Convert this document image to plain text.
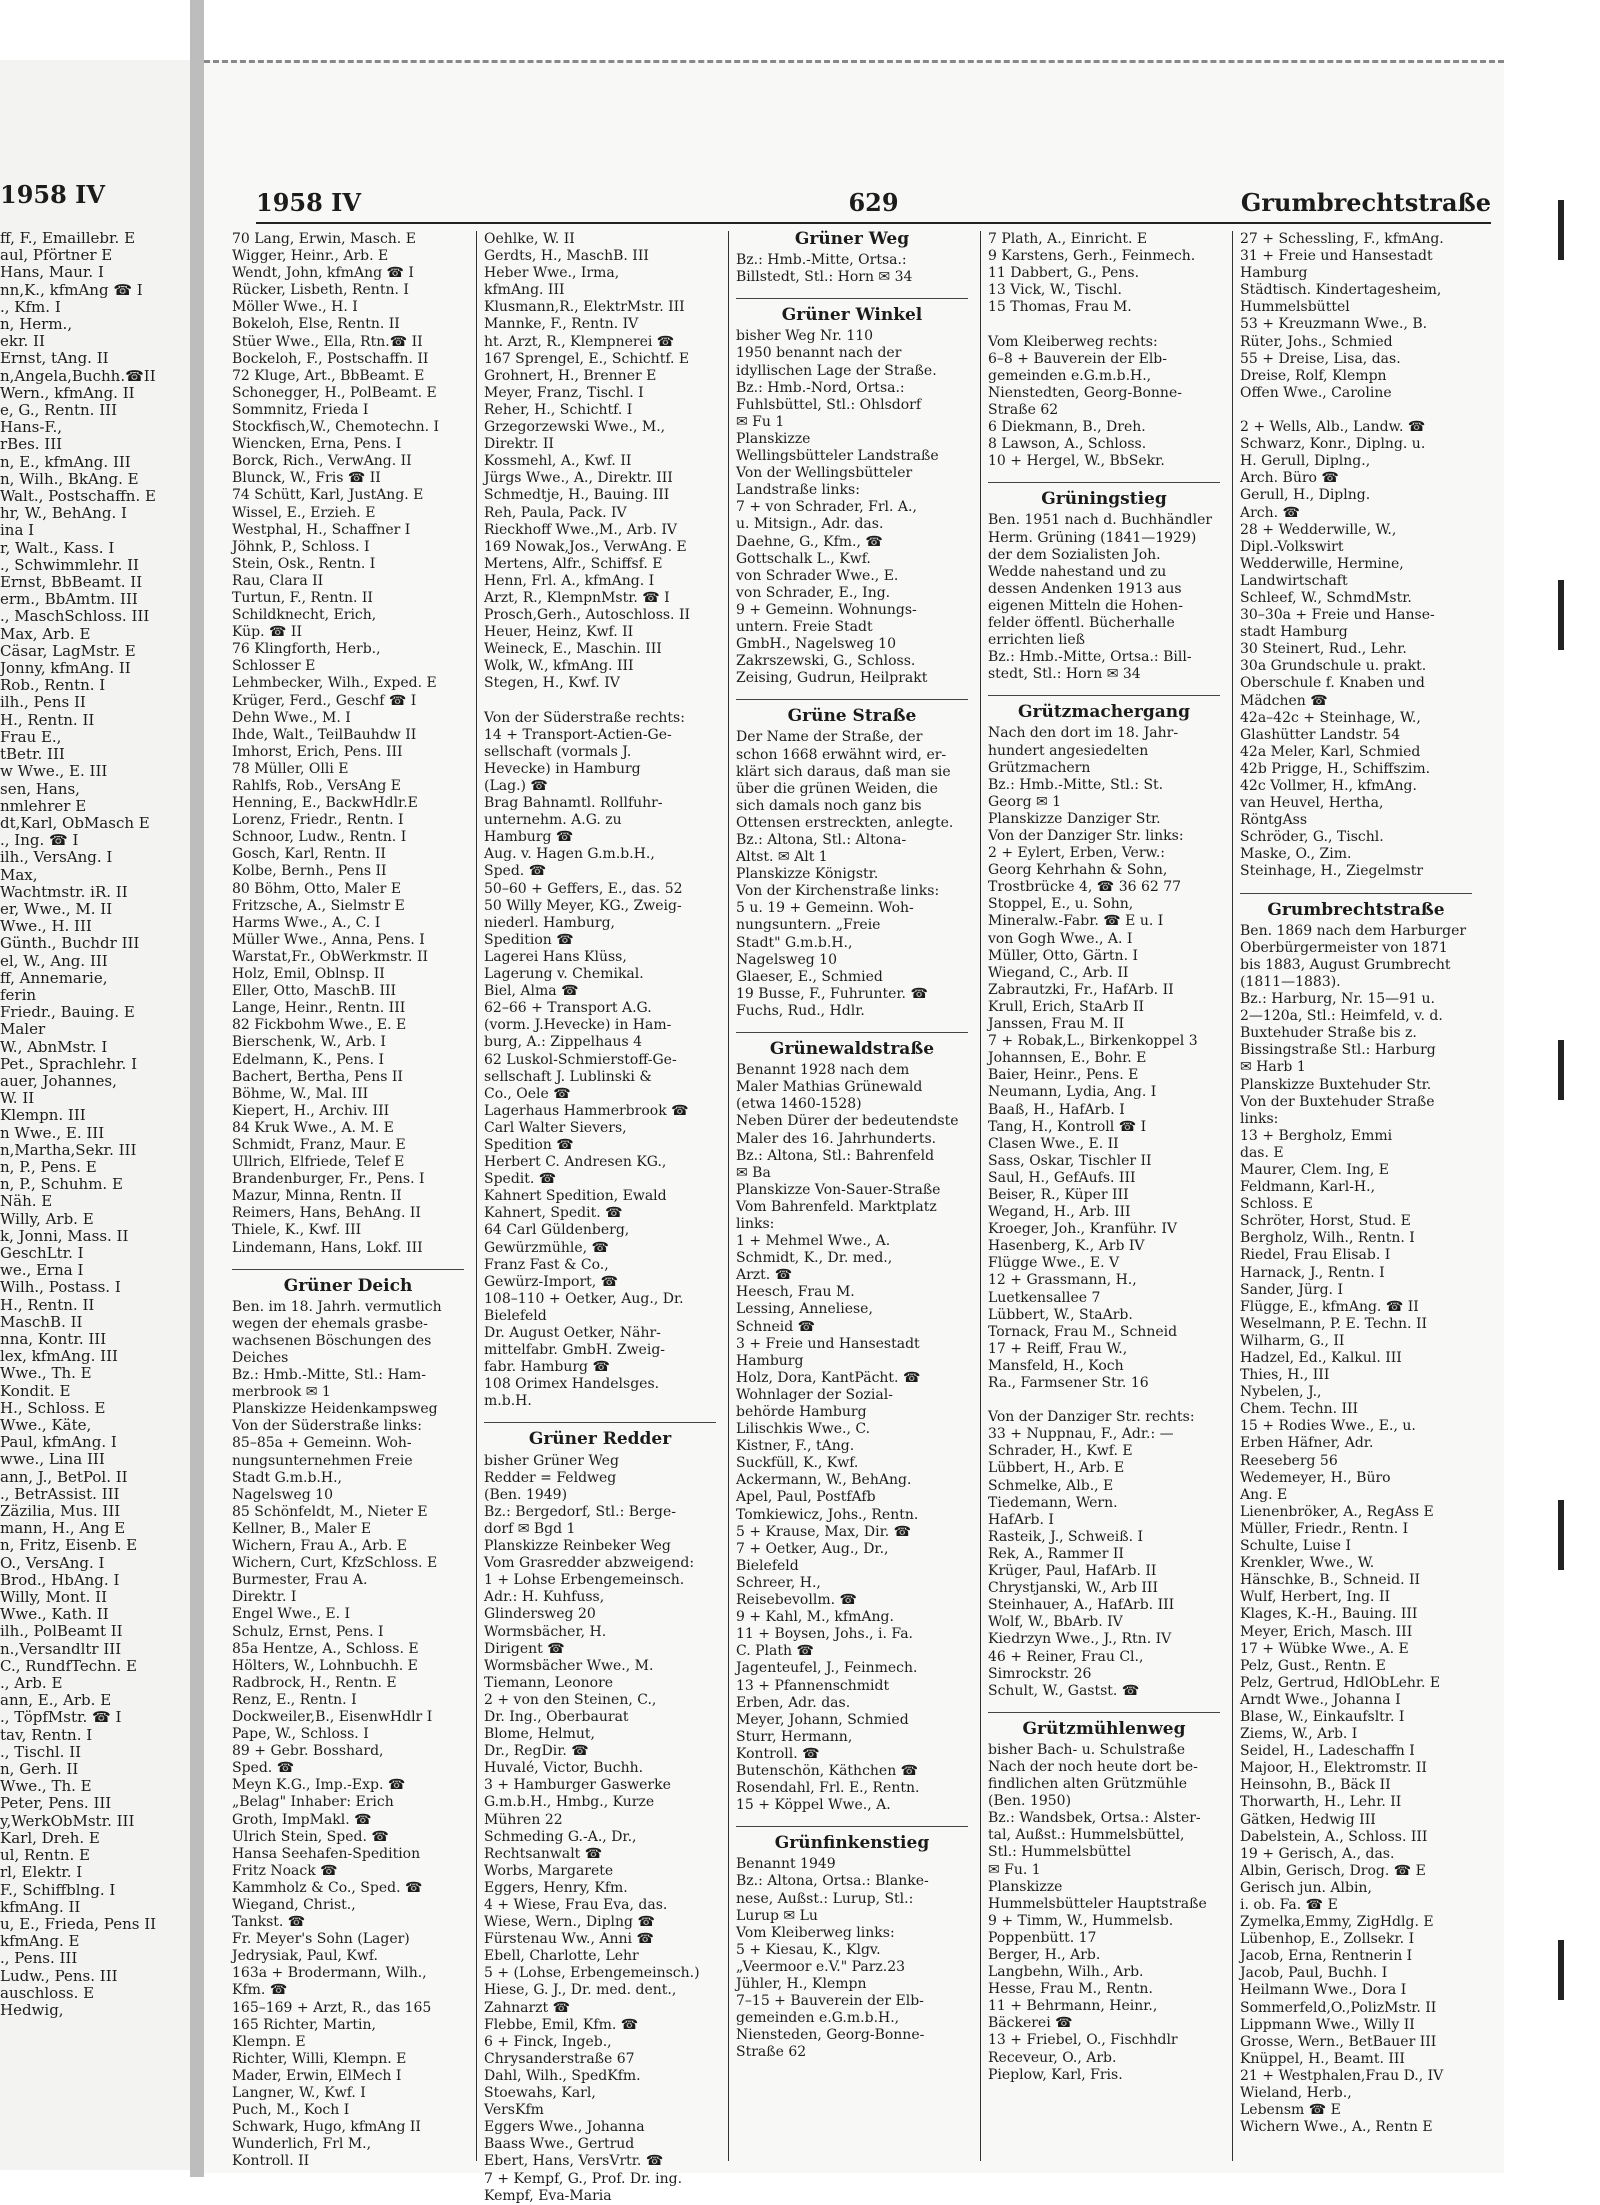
1958 IV
ff, F., Emaillebr. E
aul, Pförtner E
Hans, Maur. I
nn,K., kfmAng ☎ I
., Kfm. I
n, Herm.,
ekr. II
Ernst, tAng. II
n,Angela,Buchh.☎II
Wern., kfmAng. II
e, G., Rentn. III
Hans-F.,
rBes. III
n, E., kfmAng. III
n, Wilh., BkAng. E
Walt., Postschaffn. E
hr, W., BehAng. I
ina I
r, Walt., Kass. I
., Schwimmlehr. II
Ernst, BbBeamt. II
erm., BbAmtm. III
., MaschSchloss. III
Max, Arb. E
Cäsar, LagMstr. E
Jonny, kfmAng. II
Rob., Rentn. I
ilh., Pens II
H., Rentn. II
Frau E.,
tBetr. III
w Wwe., E. III
sen, Hans,
nmlehrer E
dt,Karl, ObMasch E
., Ing. ☎ I
ilh., VersAng. I
Max,
Wachtmstr. iR. II
er, Wwe., M. II
Wwe., H. III
Günth., Buchdr III
el, W., Ang. III
ff, Annemarie,
ferin
Friedr., Bauing. E
Maler
W., AbnMstr. I
Pet., Sprachlehr. I
auer, Johannes,
W. II
Klempn. III
n Wwe., E. III
n,Martha,Sekr. III
n, P., Pens. E
n, P., Schuhm. E
Näh. E
Willy, Arb. E
k, Jonni, Mass. II
GeschLtr. I
we., Erna I
Wilh., Postass. I
H., Rentn. II
MaschB. II
nna, Kontr. III
lex, kfmAng. III
Wwe., Th. E
Kondit. E
H., Schloss. E
Wwe., Käte,
Paul, kfmAng. I
wwe., Lina III
ann, J., BetPol. II
., BetrAssist. III
Zäzilia, Mus. III
mann, H., Ang E
n, Fritz, Eisenb. E
O., VersAng. I
Brod., HbAng. I
Willy, Mont. II
Wwe., Kath. II
ilh., PolBeamt II
n.,Versandltr III
C., RundfTechn. E
., Arb. E
ann, E., Arb. E
., TöpfMstr. ☎ I
tav, Rentn. I
., Tischl. II
n, Gerh. II
Wwe., Th. E
Peter, Pens. III
y,WerkObMstr. III
Karl, Dreh. E
ul, Rentn. E
rl, Elektr. I
F., Schiffblng. I
kfmAng. II
u, E., Frieda, Pens II
kfmAng. E
., Pens. III
Ludw., Pens. III
auschloss. E
Hedwig,
1958 IV	629	Grumbrechtstraße
70 Lang, Erwin, Masch. E
Wigger, Heinr., Arb. E
Wendt, John, kfmAng ☎ I
Rücker, Lisbeth, Rentn. I
Möller Wwe., H. I
Bokeloh, Else, Rentn. II
Stüer Wwe., Ella, Rtn.☎ II
Bockeloh, F., Postschaffn. II
72 Kluge, Art., BbBeamt. E
Schonegger, H., PolBeamt. E
Sommnitz, Frieda I
Stockfisch,W., Chemotechn. I
Wiencken, Erna, Pens. I
Borck, Rich., VerwAng. II
Blunck, W., Fris ☎ II
74 Schütt, Karl, JustAng. E
Wissel, E., Erzieh. E
Westphal, H., Schaffner I
Jöhnk, P., Schloss. I
Stein, Osk., Rentn. I
Rau, Clara II
Turtun, F., Rentn. II
Schildknecht, Erich,
Küp. ☎ II
76 Klingforth, Herb.,
Schlosser E
Lehmbecker, Wilh., Exped. E
Krüger, Ferd., Geschf ☎ I
Dehn Wwe., M. I
Ihde, Walt., TeilBauhdw II
Imhorst, Erich, Pens. III
78 Müller, Olli E
Rahlfs, Rob., VersAng E
Henning, E., BackwHdlr.E
Lorenz, Friedr., Rentn. I
Schnoor, Ludw., Rentn. I
Gosch, Karl, Rentn. II
Kolbe, Bernh., Pens II
80 Böhm, Otto, Maler E
Fritzsche, A., Sielmstr E
Harms Wwe., A., C. I
Müller Wwe., Anna, Pens. I
Warstat,Fr., ObWerkmstr. II
Holz, Emil, Oblnsp. II
Eller, Otto, MaschB. III
Lange, Heinr., Rentn. III
82 Fickbohm Wwe., E. E
Bierschenk, W., Arb. I
Edelmann, K., Pens. I
Bachert, Bertha, Pens II
Böhme, W., Mal. III
Kiepert, H., Archiv. III
84 Kruk Wwe., A. M. E
Schmidt, Franz, Maur. E
Ullrich, Elfriede, Telef E
Brandenburger, Fr., Pens. I
Mazur, Minna, Rentn. II
Reimers, Hans, BehAng. II
Thiele, K., Kwf. III
Lindemann, Hans, Lokf. III
Grüner Deich
Ben. im 18. Jahrh. vermutlich
wegen der ehemals grasbe-
wachsenen Böschungen des
Deiches
Bz.: Hmb.-Mitte, Stl.: Ham-
merbrook ✉ 1
Planskizze Heidenkampsweg
Von der Süderstraße links:
85–85a + Gemeinn. Woh-
nungsunternehmen Freie
Stadt G.m.b.H.,
Nagelsweg 10
85 Schönfeldt, M., Nieter E
Kellner, B., Maler E
Wichern, Frau A., Arb. E
Wichern, Curt, KfzSchloss. E
Burmester, Frau A.
Direktr. I
Engel Wwe., E. I
Schulz, Ernst, Pens. I
85a Hentze, A., Schloss. E
Hölters, W., Lohnbuchh. E
Radbrock, H., Rentn. E
Renz, E., Rentn. I
Dockweiler,B., EisenwHdlr I
Pape, W., Schloss. I
89 + Gebr. Bosshard,
Sped. ☎
Meyn K.G., Imp.-Exp. ☎
„Belag" Inhaber: Erich
Groth, ImpMakl. ☎
Ulrich Stein, Sped. ☎
Hansa Seehafen-Spedition
Fritz Noack ☎
Kammholz & Co., Sped. ☎
Wiegand, Christ.,
Tankst. ☎
Fr. Meyer's Sohn (Lager)
Jedrysiak, Paul, Kwf.
163a + Brodermann, Wilh.,
Kfm. ☎
165–169 + Arzt, R., das 165
165 Richter, Martin,
Klempn. E
Richter, Willi, Klempn. E
Mader, Erwin, ElMech I
Langner, W., Kwf. I
Puch, M., Koch I
Schwark, Hugo, kfmAng II
Wunderlich, Frl M.,
Kontroll. II
Oehlke, W. II
Gerdts, H., MaschB. III
Heber Wwe., Irma,
kfmAng. III
Klusmann,R., ElektrMstr. III
Mannke, F., Rentn. IV
ht. Arzt, R., Klempnerei ☎
167 Sprengel, E., Schichtf. E
Grohnert, H., Brenner E
Meyer, Franz, Tischl. I
Reher, H., Schichtf. I
Grzegorzewski Wwe., M.,
Direktr. II
Kossmehl, A., Kwf. II
Jürgs Wwe., A., Direktr. III
Schmedtje, H., Bauing. III
Reh, Paula, Pack. IV
Rieckhoff Wwe.,M., Arb. IV
169 Nowak,Jos., VerwAng. E
Mertens, Alfr., Schiffsf. E
Henn, Frl. A., kfmAng. I
Arzt, R., KlempnMstr. ☎ I
Prosch,Gerh., Autoschloss. II
Heuer, Heinz, Kwf. II
Weineck, E., Maschin. III
Wolk, W., kfmAng. III
Stegen, H., Kwf. IV

Von der Süderstraße rechts:
14 + Transport-Actien-Ge-
sellschaft (vormals J.
Hevecke) in Hamburg
(Lag.) ☎
Brag Bahnamtl. Rollfuhr-
unternehm. A.G. zu
Hamburg ☎
Aug. v. Hagen G.m.b.H.,
Sped. ☎
50–60 + Geffers, E., das. 52
50 Willy Meyer, KG., Zweig-
niederl. Hamburg,
Spedition ☎
Lagerei Hans Klüss,
Lagerung v. Chemikal.
Biel, Alma ☎
62–66 + Transport A.G.
(vorm. J.Hevecke) in Ham-
burg, A.: Zippelhaus 4
62 Luskol-Schmierstoff-Ge-
sellschaft J. Lublinski &
Co., Oele ☎
Lagerhaus Hammerbrook ☎
Carl Walter Sievers,
Spedition ☎
Herbert C. Andresen KG.,
Spedit. ☎
Kahnert Spedition, Ewald
Kahnert, Spedit. ☎
64 Carl Güldenberg,
Gewürzmühle, ☎
Franz Fast & Co.,
Gewürz-Import, ☎
108–110 + Oetker, Aug., Dr.
Bielefeld
Dr. August Oetker, Nähr-
mittelfabr. GmbH. Zweig-
fabr. Hamburg ☎
108 Orimex Handelsges.
m.b.H.
Grüner Redder
bisher Grüner Weg
Redder = Feldweg
(Ben. 1949)
Bz.: Bergedorf, Stl.: Berge-
dorf ✉ Bgd 1
Planskizze Reinbeker Weg
Vom Grasredder abzweigend:
1 + Lohse Erbengemeinsch.
Adr.: H. Kuhfuss,
Glindersweg 20
Wormsbächer, H.
Dirigent ☎
Wormsbächer Wwe., M.
Tiemann, Leonore
2 + von den Steinen, C.,
Dr. Ing., Oberbaurat
Blome, Helmut,
Dr., RegDir. ☎
Huvalé, Victor, Buchh.
3 + Hamburger Gaswerke
G.m.b.H., Hmbg., Kurze
Mühren 22
Schmeding G.-A., Dr.,
Rechtsanwalt ☎
Worbs, Margarete
Eggers, Henry, Kfm.
4 + Wiese, Frau Eva, das.
Wiese, Wern., Diplng ☎
Fürstenau Ww., Anni ☎
Ebell, Charlotte, Lehr
5 + (Lohse, Erbengemeinsch.)
Hiese, G. J., Dr. med. dent.,
Zahnarzt ☎
Flebbe, Emil, Kfm. ☎
6 + Finck, Ingeb.,
Chrysanderstraße 67
Dahl, Wilh., SpedKfm.
Stoewahs, Karl,
VersKfm
Eggers Wwe., Johanna
Baass Wwe., Gertrud
Ebert, Hans, VersVrtr. ☎
7 + Kempf, G., Prof. Dr. ing.
Kempf, Eva-Maria
Grüner Weg
Bz.: Hmb.-Mitte, Ortsa.:
Billstedt, Stl.: Horn ✉ 34
Grüner Winkel
bisher Weg Nr. 110
1950 benannt nach der
idyllischen Lage der Straße.
Bz.: Hmb.-Nord, Ortsa.:
Fuhlsbüttel, Stl.: Ohlsdorf
✉ Fu 1
Planskizze
Wellingsbütteler Landstraße
Von der Wellingsbütteler
Landstraße links:
7 + von Schrader, Frl. A.,
u. Mitsign., Adr. das.
Daehne, G., Kfm., ☎
Gottschalk L., Kwf.
von Schrader Wwe., E.
von Schrader, E., Ing.
9 + Gemeinn. Wohnungs-
untern. Freie Stadt
GmbH., Nagelsweg 10
Zakrszewski, G., Schloss.
Zeising, Gudrun, Heilprakt
Grüne Straße
Der Name der Straße, der
schon 1668 erwähnt wird, er-
klärt sich daraus, daß man sie
über die grünen Weiden, die
sich damals noch ganz bis
Ottensen erstreckten, anlegte.
Bz.: Altona, Stl.: Altona-
Altst. ✉ Alt 1
Planskizze Königstr.
Von der Kirchenstraße links:
5 u. 19 + Gemeinn. Woh-
nungsuntern. „Freie
Stadt" G.m.b.H.,
Nagelsweg 10
Glaeser, E., Schmied
19 Busse, F., Fuhrunter. ☎
Fuchs, Rud., Hdlr.
Grünewaldstraße
Benannt 1928 nach dem
Maler Mathias Grünewald
(etwa 1460-1528)
Neben Dürer der bedeutendste
Maler des 16. Jahrhunderts.
Bz.: Altona, Stl.: Bahrenfeld
✉ Ba
Planskizze Von-Sauer-Straße
Vom Bahrenfeld. Marktplatz
links:
1 + Mehmel Wwe., A.
Schmidt, K., Dr. med.,
Arzt. ☎
Heesch, Frau M.
Lessing, Anneliese,
Schneid ☎
3 + Freie und Hansestadt
Hamburg
Holz, Dora, KantPächt. ☎
Wohnlager der Sozial-
behörde Hamburg
Lilischkis Wwe., C.
Kistner, F., tAng.
Suckfüll, K., Kwf.
Ackermann, W., BehAng.
Apel, Paul, PostfAfb
Tomkiewicz, Johs., Rentn.
5 + Krause, Max, Dir. ☎
7 + Oetker, Aug., Dr.,
Bielefeld
Schreer, H.,
Reisebevollm. ☎
9 + Kahl, M., kfmAng.
11 + Boysen, Johs., i. Fa.
C. Plath ☎
Jagenteufel, J., Feinmech.
13 + Pfannenschmidt
Erben, Adr. das.
Meyer, Johann, Schmied
Sturr, Hermann,
Kontroll. ☎
Butenschön, Käthchen ☎
Rosendahl, Frl. E., Rentn.
15 + Köppel Wwe., A.
Grünfinkenstieg
Benannt 1949
Bz.: Altona, Ortsa.: Blanke-
nese, Außst.: Lurup, Stl.:
Lurup ✉ Lu
Vom Kleiberweg links:
5 + Kiesau, K., Klgv.
„Veermoor e.V." Parz.23
Jühler, H., Klempn
7–15 + Bauverein der Elb-
gemeinden e.G.m.b.H.,
Niensteden, Georg-Bonne-
Straße 62
7 Plath, A., Einricht. E
9 Karstens, Gerh., Feinmech.
11 Dabbert, G., Pens.
13 Vick, W., Tischl.
15 Thomas, Frau M.

Vom Kleiberweg rechts:
6–8 + Bauverein der Elb-
gemeinden e.G.m.b.H.,
Nienstedten, Georg-Bonne-
Straße 62
6 Diekmann, B., Dreh.
8 Lawson, A., Schloss.
10 + Hergel, W., BbSekr.
Grüningstieg
Ben. 1951 nach d. Buchhändler
Herm. Grüning (1841—1929)
der dem Sozialisten Joh.
Wedde nahestand und zu
dessen Andenken 1913 aus
eigenen Mitteln die Hohen-
felder öffentl. Bücherhalle
errichten ließ
Bz.: Hmb.-Mitte, Ortsa.: Bill-
stedt, Stl.: Horn ✉ 34
Grützmachergang
Nach den dort im 18. Jahr-
hundert angesiedelten
Grützmachern
Bz.: Hmb.-Mitte, Stl.: St.
Georg ✉ 1
Planskizze Danziger Str.
Von der Danziger Str. links:
2 + Eylert, Erben, Verw.:
Georg Kehrhahn & Sohn,
Trostbrücke 4, ☎ 36 62 77
Stoppel, E., u. Sohn,
Mineralw.-Fabr. ☎ E u. I
von Gogh Wwe., A. I
Müller, Otto, Gärtn. I
Wiegand, C., Arb. II
Zabrautzki, Fr., HafArb. II
Krull, Erich, StaArb II
Janssen, Frau M. II
7 + Robak,L., Birkenkoppel 3
Johannsen, E., Bohr. E
Baier, Heinr., Pens. E
Neumann, Lydia, Ang. I
Baaß, H., HafArb. I
Tang, H., Kontroll ☎ I
Clasen Wwe., E. II
Sass, Oskar, Tischler II
Saul, H., GefAufs. III
Beiser, R., Küper III
Wegand, H., Arb. III
Kroeger, Joh., Kranführ. IV
Hasenberg, K., Arb IV
Flügge Wwe., E. V
12 + Grassmann, H.,
Luetkensallee 7
Lübbert, W., StaArb.
Tornack, Frau M., Schneid
17 + Reiff, Frau W.,
Mansfeld, H., Koch
Ra., Farmsener Str. 16

Von der Danziger Str. rechts:
33 + Nuppnau, F., Adr.: —
Schrader, H., Kwf. E
Lübbert, H., Arb. E
Schmelke, Alb., E
Tiedemann, Wern.
HafArb. I
Rasteik, J., Schweiß. I
Rek, A., Rammer II
Krüger, Paul, HafArb. II
Chrystjanski, W., Arb III
Steinhauer, A., HafArb. III
Wolf, W., BbArb. IV
Kiedrzyn Wwe., J., Rtn. IV
46 + Reiner, Frau Cl.,
Simrockstr. 26
Schult, W., Gastst. ☎
Grützmühlenweg
bisher Bach- u. Schulstraße
Nach der noch heute dort be-
findlichen alten Grützmühle
(Ben. 1950)
Bz.: Wandsbek, Ortsa.: Alster-
tal, Außst.: Hummelsbüttel,
Stl.: Hummelsbüttel
✉ Fu. 1
Planskizze
Hummelsbütteler Hauptstraße
9 + Timm, W., Hummelsb.
Poppenbütt. 17
Berger, H., Arb.
Langbehn, Wilh., Arb.
Hesse, Frau M., Rentn.
11 + Behrmann, Heinr.,
Bäckerei ☎
13 + Friebel, O., Fischhdlr
Receveur, O., Arb.
Pieplow, Karl, Fris.
27 + Schessling, F., kfmAng.
31 + Freie und Hansestadt
Hamburg
Städtisch. Kindertagesheim,
Hummelsbüttel
53 + Kreuzmann Wwe., B.
Rüter, Johs., Schmied
55 + Dreise, Lisa, das.
Dreise, Rolf, Klempn
Offen Wwe., Caroline

2 + Wells, Alb., Landw. ☎
Schwarz, Konr., Diplng. u.
H. Gerull, Diplng.,
Arch. Büro ☎
Gerull, H., Diplng.
Arch. ☎
28 + Wedderwille, W.,
Dipl.-Volkswirt
Wedderwille, Hermine,
Landwirtschaft
Schleef, W., SchmdMstr.
30–30a + Freie und Hanse-
stadt Hamburg
30 Steinert, Rud., Lehr.
30a Grundschule u. prakt.
Oberschule f. Knaben und
Mädchen ☎
42a–42c + Steinhage, W.,
Glashütter Landstr. 54
42a Meler, Karl, Schmied
42b Prigge, H., Schiffszim.
42c Vollmer, H., kfmAng.
van Heuvel, Hertha,
RöntgAss
Schröder, G., Tischl.
Maske, O., Zim.
Steinhage, H., Ziegelmstr
Grumbrechtstraße
Ben. 1869 nach dem Harburger
Oberbürgermeister von 1871
bis 1883, August Grumbrecht
(1811—1883).
Bz.: Harburg, Nr. 15—91 u.
2—120a, Stl.: Heimfeld, v. d.
Buxtehuder Straße bis z.
Bissingstraße Stl.: Harburg
✉ Harb 1
Planskizze Buxtehuder Str.
Von der Buxtehuder Straße
links:
13 + Bergholz, Emmi
das. E
Maurer, Clem. Ing, E
Feldmann, Karl-H.,
Schloss. E
Schröter, Horst, Stud. E
Bergholz, Wilh., Rentn. I
Riedel, Frau Elisab. I
Harnack, J., Rentn. I
Sander, Jürg. I
Flügge, E., kfmAng. ☎ II
Weselmann, P. E. Techn. II
Wilharm, G., II
Hadzel, Ed., Kalkul. III
Thies, H., III
Nybelen, J.,
Chem. Techn. III
15 + Rodies Wwe., E., u.
Erben Häfner, Adr.
Reeseberg 56
Wedemeyer, H., Büro
Ang. E
Lienenbröker, A., RegAss E
Müller, Friedr., Rentn. I
Schulte, Luise I
Krenkler, Wwe., W.
Hänschke, B., Schneid. II
Wulf, Herbert, Ing. II
Klages, K.-H., Bauing. III
Meyer, Erich, Masch. III
17 + Wübke Wwe., A. E
Pelz, Gust., Rentn. E
Pelz, Gertrud, HdlObLehr. E
Arndt Wwe., Johanna I
Blase, W., Einkaufsltr. I
Ziems, W., Arb. I
Seidel, H., Ladeschaffn I
Majoor, H., Elektromstr. II
Heinsohn, B., Bäck II
Thorwarth, H., Lehr. II
Gätken, Hedwig III
Dabelstein, A., Schloss. III
19 + Gerisch, A., das.
Albin, Gerisch, Drog. ☎ E
Gerisch jun. Albin,
i. ob. Fa. ☎ E
Zymelka,Emmy, ZigHdlg. E
Lübenhop, E., Zollsekr. I
Jacob, Erna, Rentnerin I
Jacob, Paul, Buchh. I
Heilmann Wwe., Dora I
Sommerfeld,O.,PolizMstr. II
Lippmann Wwe., Willy II
Grosse, Wern., BetBauer III
Knüppel, H., Beamt. III
21 + Westphalen,Frau D., IV
Wieland, Herb.,
Lebensm ☎ E
Wichern Wwe., A., Rentn E
